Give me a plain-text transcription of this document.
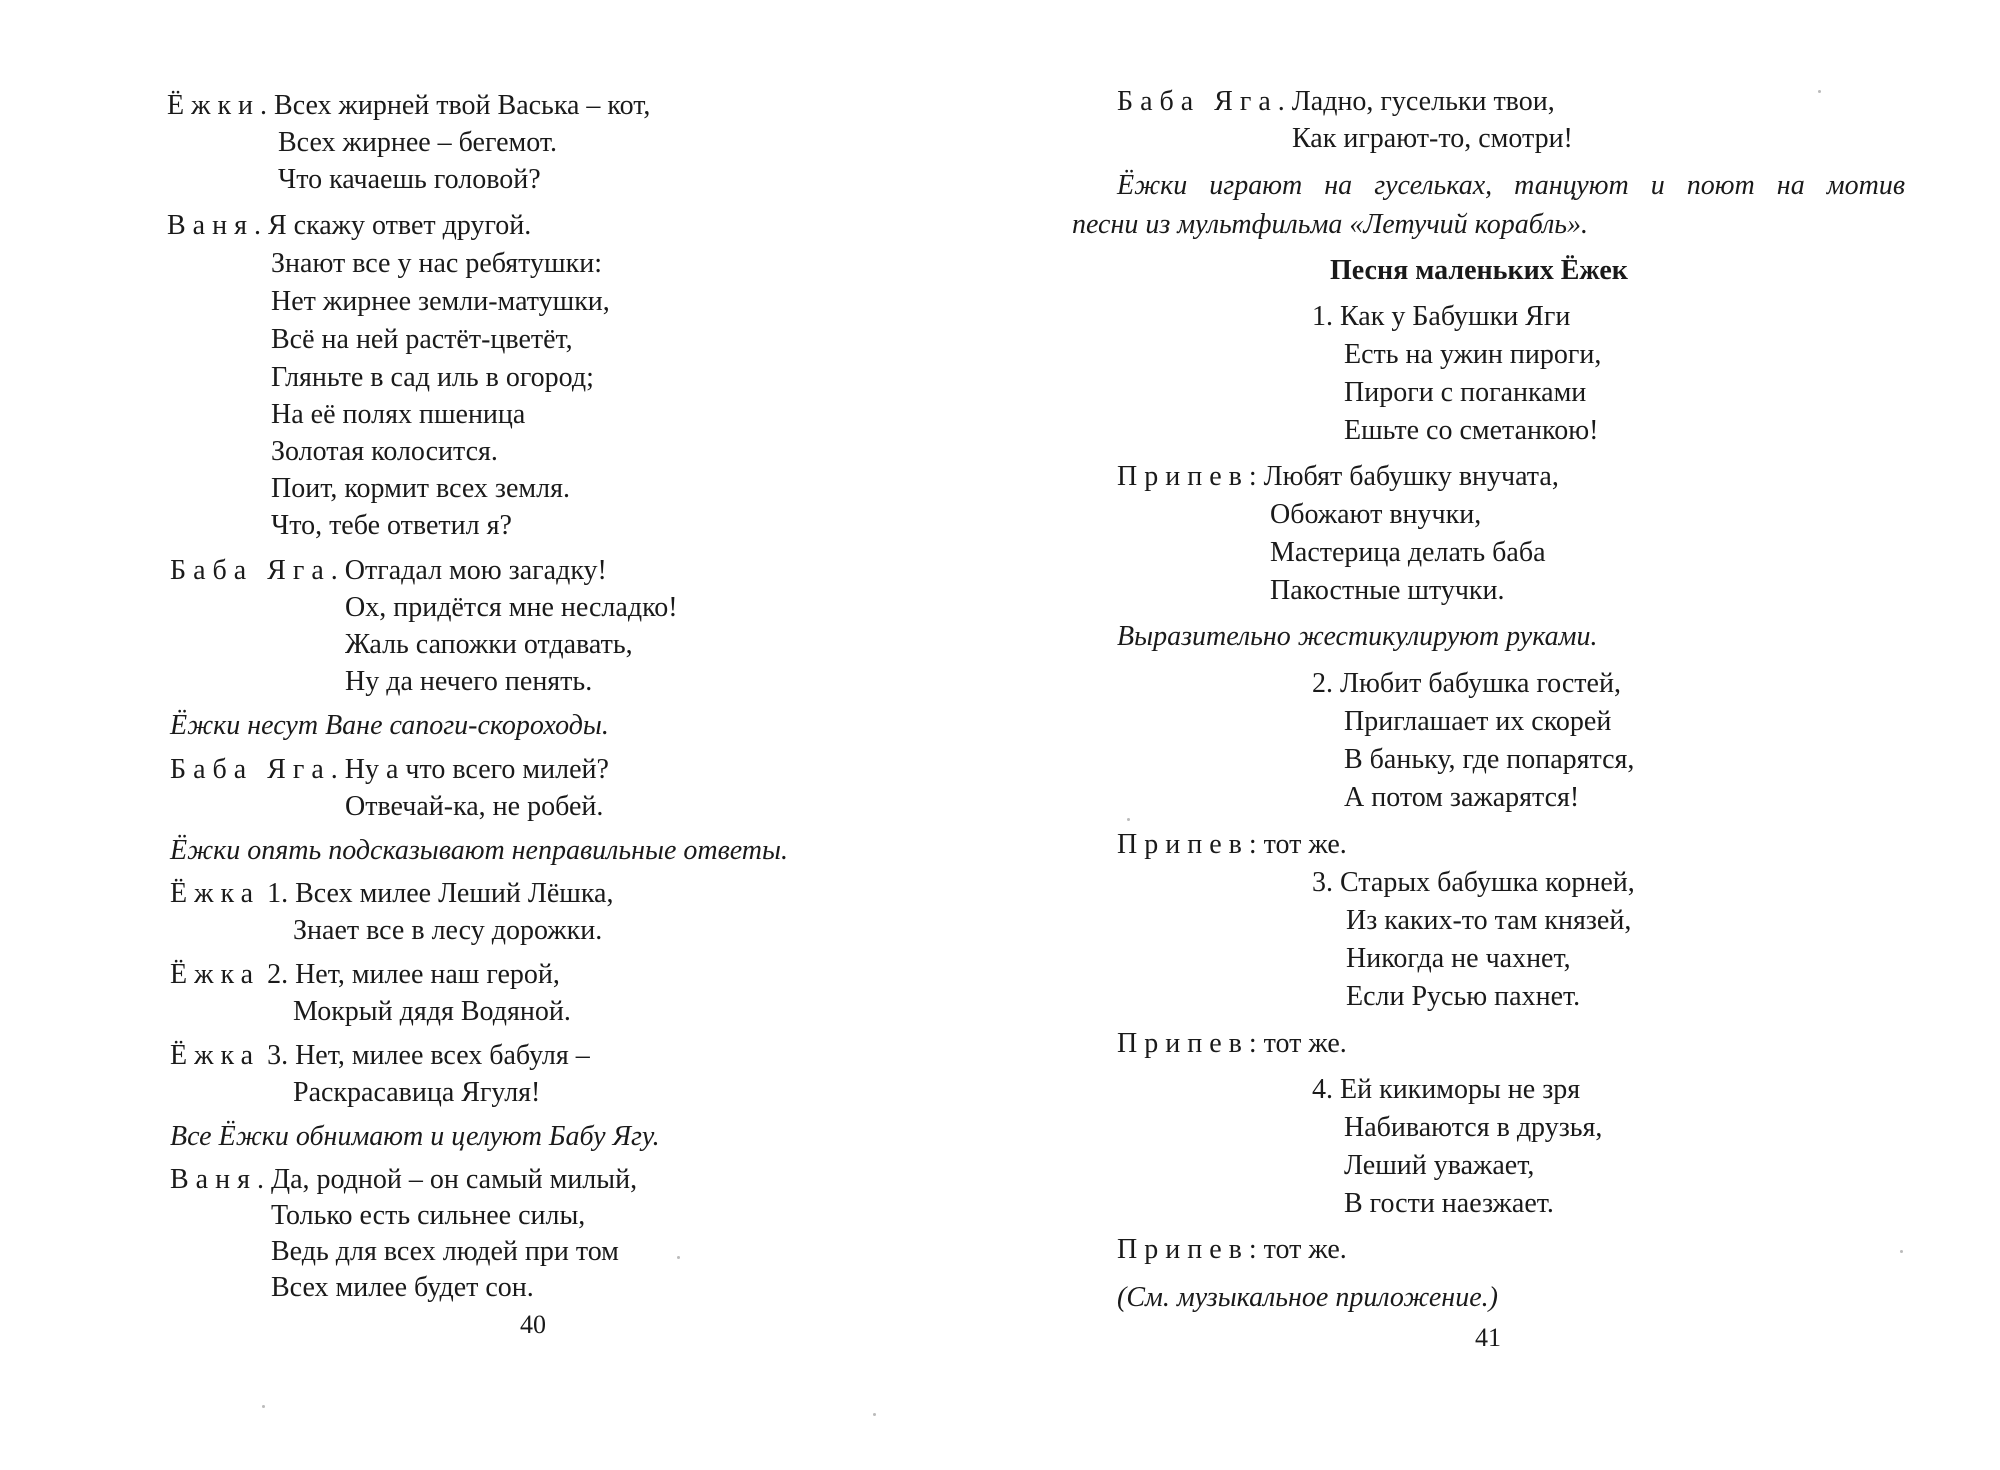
Ёжки. Всех жирней твой Васька – кот,
Всех жирнее – бегемот.
Что качаешь головой?
Ваня. Я скажу ответ другой.
Знают все у нас ребятушки:
Нет жирнее земли-матушки,
Всё на ней растёт-цветёт,
Гляньте в сад иль в огород;
На её полях пшеница
Золотая колосится.
Поит, кормит всех земля.
Что, тебе ответил я?
Баба Яга. Отгадал мою загадку!
Ох, придётся мне несладко!
Жаль сапожки отдавать,
Ну да нечего пенять.
Ёжки несут Ване сапоги-скороходы.
Баба Яга. Ну а что всего милей?
Отвечай-ка, не робей.
Ёжки опять подсказывают неправильные ответы.
Ёжка 1. Всех милее Леший Лёшка,
Знает все в лесу дорожки.
Ёжка 2. Нет, милее наш герой,
Мокрый дядя Водяной.
Ёжка 3. Нет, милее всех бабуля –
Раскрасавица Ягуля!
Все Ёжки обнимают и целуют Бабу Ягу.
Ваня. Да, родной – он самый милый,
Только есть сильнее силы,
Ведь для всех людей при том
Всех милее будет сон.
40
Баба Яга. Ладно, гусельки твои,
Как играют-то, смотри!
Ёжки играют на гусельках, танцуют и поют на мотив
песни из мультфильма «Летучий корабль».
Песня маленьких Ёжек
1. Как у Бабушки Яги
Есть на ужин пироги,
Пироги с поганками
Ешьте со сметанкою!
Припев: Любят бабушку внучата,
Обожают внучки,
Мастерица делать баба
Пакостные штучки.
Выразительно жестикулируют руками.
2. Любит бабушка гостей,
Приглашает их скорей
В баньку, где попарятся,
А потом зажарятся!
Припев: тот же.
3. Старых бабушка корней,
Из каких-то там князей,
Никогда не чахнет,
Если Русью пахнет.
Припев: тот же.
4. Ей кикиморы не зря
Набиваются в друзья,
Леший уважает,
В гости наезжает.
Припев: тот же.
(См. музыкальное приложение.)
41
